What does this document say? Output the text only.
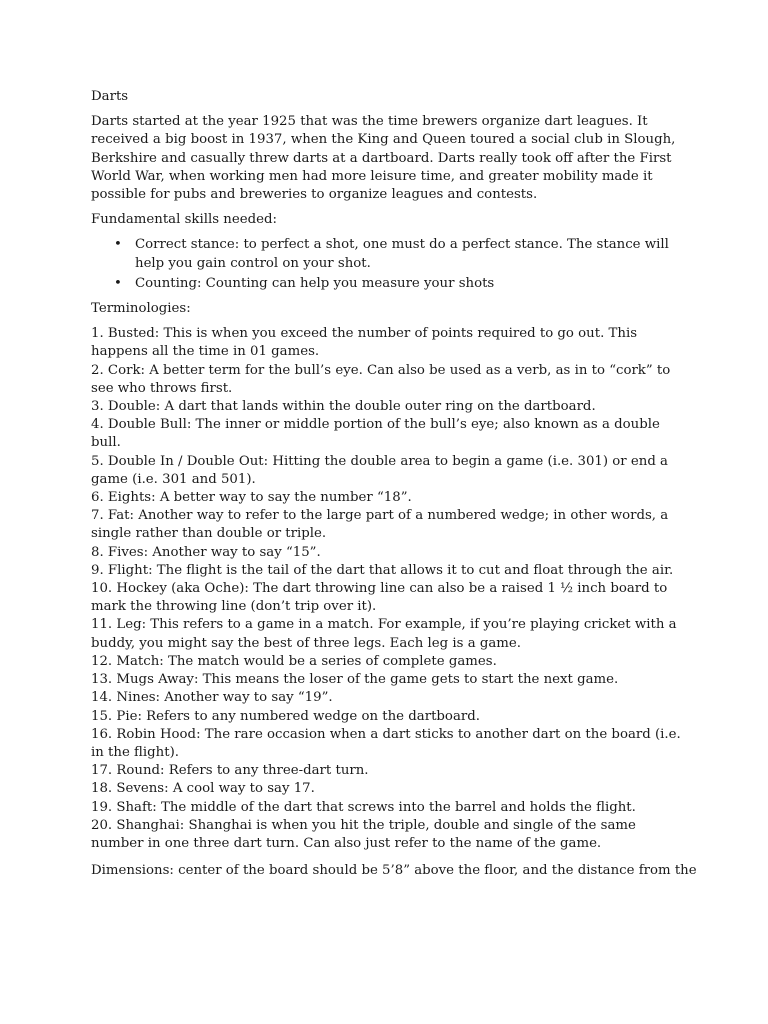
Darts
Darts started at the year 1925 that was the time brewers organize dart leagues. It received a big boost in 1937, when the King and Queen toured a social club in Slough, Berkshire and casually threw darts at a dartboard. Darts really took off after the First World War, when working men had more leisure time, and greater mobility made it possible for pubs and breweries to organize leagues and contests.
Fundamental skills needed:
• Correct stance: to perfect a shot, one must do a perfect stance. The stance will help you gain control on your shot.
• Counting: Counting can help you measure your shots
Terminologies:
1. Busted: This is when you exceed the number of points required to go out. This happens all the time in 01 games.
2. Cork: A better term for the bull’s eye. Can also be used as a verb, as in to “cork” to see who throws first.
3. Double: A dart that lands within the double outer ring on the dartboard.
4. Double Bull: The inner or middle portion of the bull’s eye; also known as a double bull.
5. Double In / Double Out: Hitting the double area to begin a game (i.e. 301) or end a game (i.e. 301 and 501).
6. Eights: A better way to say the number “18”.
7. Fat: Another way to refer to the large part of a numbered wedge; in other words, a single rather than double or triple.
8. Fives: Another way to say “15”.
9. Flight: The flight is the tail of the dart that allows it to cut and float through the air.
10. Hockey (aka Oche): The dart throwing line can also be a raised 1 ½ inch board to mark the throwing line (don’t trip over it).
11. Leg: This refers to a game in a match. For example, if you’re playing cricket with a buddy, you might say the best of three legs. Each leg is a game.
12. Match: The match would be a series of complete games.
13. Mugs Away: This means the loser of the game gets to start the next game.
14. Nines: Another way to say “19”.
15. Pie: Refers to any numbered wedge on the dartboard.
16. Robin Hood: The rare occasion when a dart sticks to another dart on the board (i.e. in the flight).
17. Round: Refers to any three-dart turn.
18. Sevens: A cool way to say 17.
19. Shaft: The middle of the dart that screws into the barrel and holds the flight.
20. Shanghai: Shanghai is when you hit the triple, double and single of the same number in one three dart turn. Can also just refer to the name of the game.
Dimensions: center of the board should be 5’8” above the floor, and the distance from the
